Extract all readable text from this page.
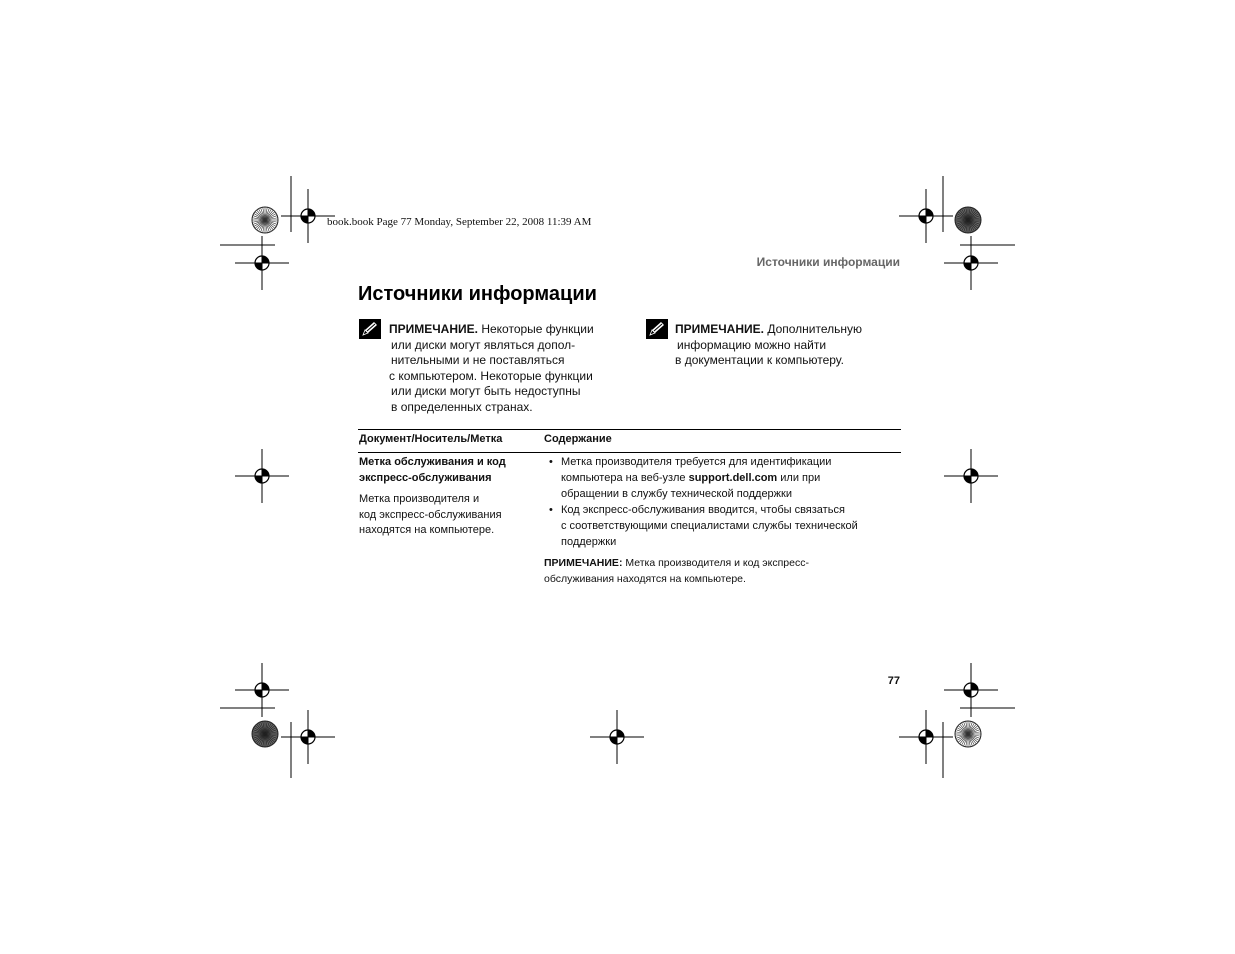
book.book Page 77 Monday, September 22, 2008 11:39 AM
Источники информации
Источники информации
ПРИМЕЧАНИЕ. Некоторые функции
или диски могут являться допол-
нительными и не поставляться
с компьютером. Некоторые функции
или диски могут быть недоступны
в определенных странах.
ПРИМЕЧАНИЕ. Дополнительную
информацию можно найти
в документации к компьютеру.
Документ/Носитель/Метка	Содержание
Метка обслуживания и код
экспресс-обслуживания
Метка производителя и
код экспресс-обслуживания
находятся на компьютере.
• Метка производителя требуется для идентификации
компьютера на веб-узле support.dell.com или при
обращении в службу технической поддержки
• Код экспресс-обслуживания вводится, чтобы связаться
с соответствующими специалистами службы технической
поддержки
ПРИМЕЧАНИЕ: Метка производителя и код экспресс-
обслуживания находятся на компьютере.
77
